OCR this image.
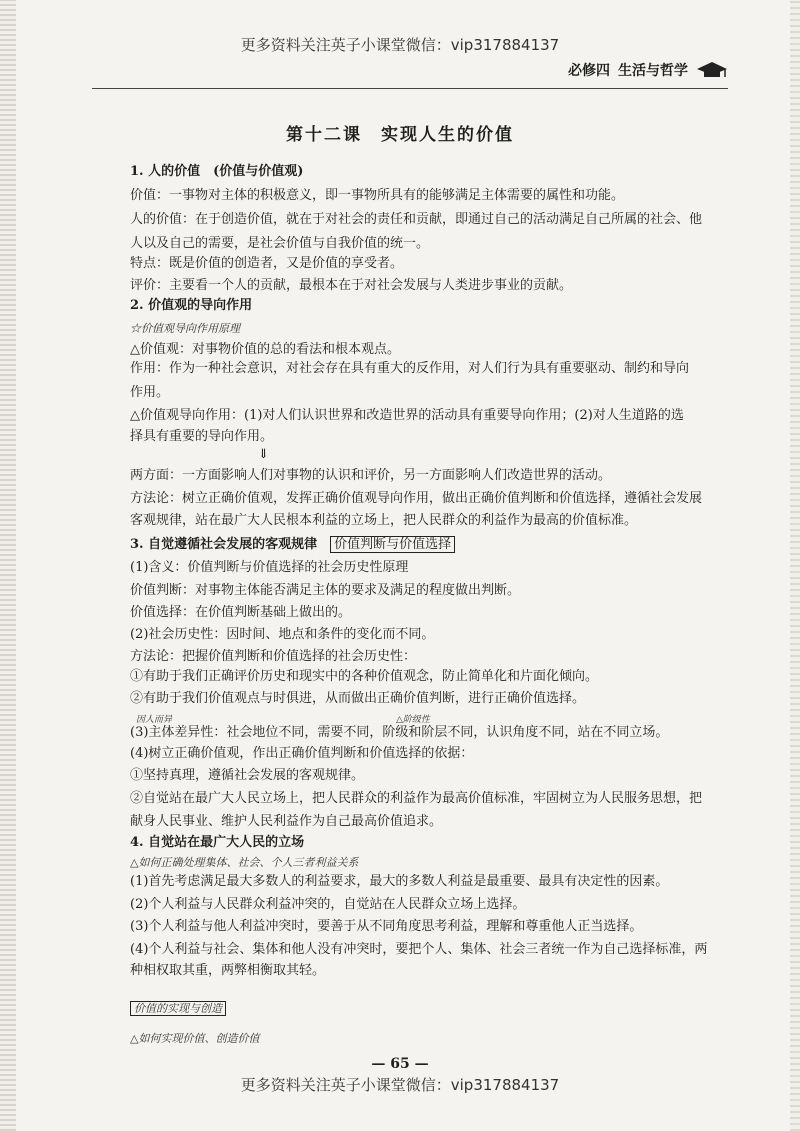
更多资料关注英子小课堂微信：vip317884137
必修四 生活与哲学
第十二课　实现人生的价值
1. 人的价值　(价值与价值观)
价值：一事物对主体的积极意义，即一事物所具有的能够满足主体需要的属性和功能。
人的价值：在于创造价值，就在于对社会的责任和贡献，即通过自己的活动满足自己所属的社会、他
人以及自己的需要，是社会价值与自我价值的统一。
特点：既是价值的创造者，又是价值的享受者。
评价：主要看一个人的贡献，最根本在于对社会发展与人类进步事业的贡献。
2. 价值观的导向作用
☆价值观导向作用原理
△价值观：对事物价值的总的看法和根本观点。
作用：作为一种社会意识，对社会存在具有重大的反作用，对人们行为具有重要驱动、制约和导向
作用。
△价值观导向作用：(1)对人们认识世界和改造世界的活动具有重要导向作用；(2)对人生道路的选
择具有重要的导向作用。
⇓
两方面：一方面影响人们对事物的认识和评价，另一方面影响人们改造世界的活动。
方法论：树立正确价值观，发挥正确价值观导向作用，做出正确价值判断和价值选择，遵循社会发展
客观规律，站在最广大人民根本利益的立场上，把人民群众的利益作为最高的价值标准。
3. 自觉遵循社会发展的客观规律　 价值判断与价值选择
(1)含义：价值判断与价值选择的社会历史性原理
价值判断：对事物主体能否满足主体的要求及满足的程度做出判断。
价值选择：在价值判断基础上做出的。
(2)社会历史性：因时间、地点和条件的变化而不同。
方法论：把握价值判断和价值选择的社会历史性：
①有助于我们正确评价历史和现实中的各种价值观念，防止简单化和片面化倾向。
②有助于我们价值观点与时俱进，从而做出正确价值判断，进行正确价值选择。
因人而异	△阶级性
(3)主体差异性：社会地位不同，需要不同，阶级和阶层不同，认识角度不同，站在不同立场。
(4)树立正确价值观，作出正确价值判断和价值选择的依据：
①坚持真理，遵循社会发展的客观规律。
②自觉站在最广大人民立场上，把人民群众的利益作为最高价值标准，牢固树立为人民服务思想，把
献身人民事业、维护人民利益作为自己最高价值追求。
4. 自觉站在最广大人民的立场
△如何正确处理集体、社会、个人三者利益关系
(1)首先考虑满足最大多数人的利益要求，最大的多数人利益是最重要、最具有决定性的因素。
(2)个人利益与人民群众利益冲突的，自觉站在人民群众立场上选择。
(3)个人利益与他人利益冲突时，要善于从不同角度思考利益，理解和尊重他人正当选择。
(4)个人利益与社会、集体和他人没有冲突时，要把个人、集体、社会三者统一作为自己选择标准，两
种相权取其重，两弊相衡取其轻。
价值的实现与创造
△如何实现价值、创造价值
— 65 —
更多资料关注英子小课堂微信：vip317884137
